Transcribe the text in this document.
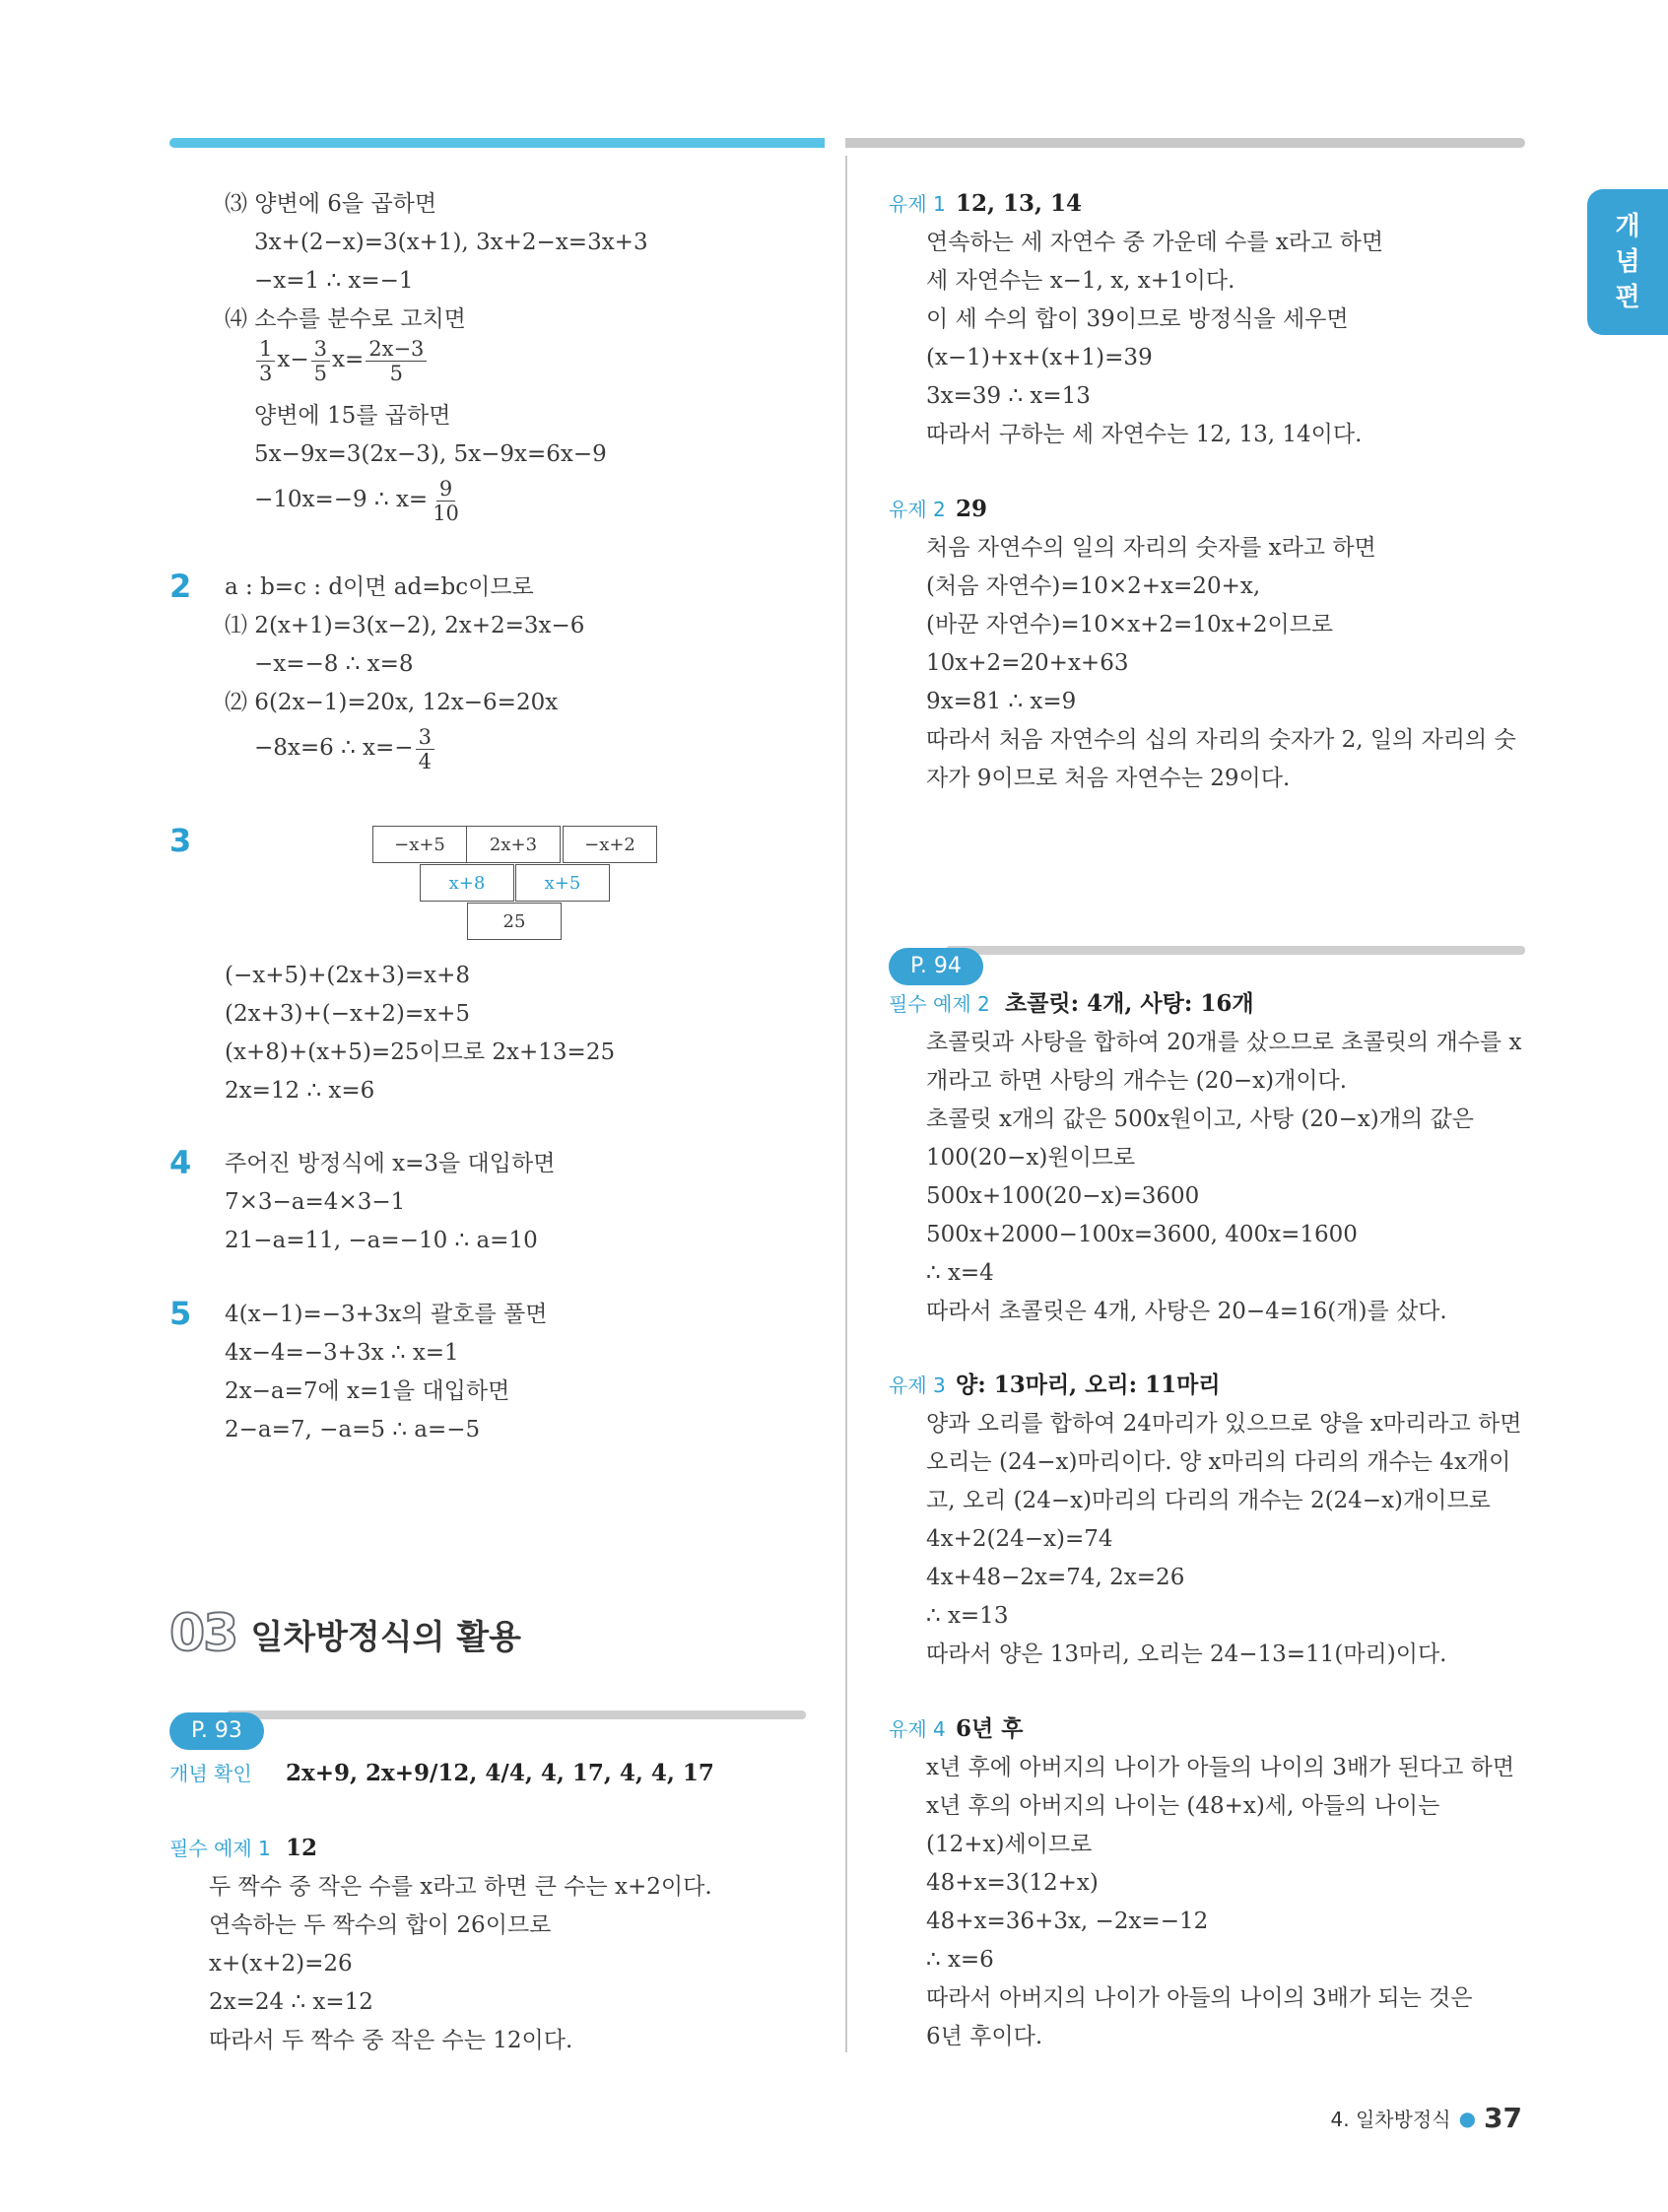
개
념
편
⑶ 양변에 6을 곱하면
3x+(2−x)=3(x+1), 3x+2−x=3x+3
−x=1 ∴ x=−1
⑷ 소수를 분수로 고치면
$\frac{1}{3} x- \frac{3}{5} x= \frac{2x-3}{5}$
양변에 15를 곱하면
5x−9x=3(2x−3), 5x−9x=6x−9
−10x=−9 ∴ $x= \frac{9}{10}$
2 a : b=c : d이면 ad=bc이므로
⑴ 2(x+1)=3(x−2), 2x+2=3x−6
−x=−8 ∴ x=8
⑵ 6(2x−1)=20x, 12x−6=20x
−8x=6 ∴ $x=- \frac{3}{4}$
3	−x+5	2x+3	−x+2
x+8	x+5
25
(−x+5)+(2x+3)=x+8
(2x+3)+(−x+2)=x+5
(x+8)+(x+5)=25이므로 2x+13=25
2x=12 ∴ x=6
4 주어진 방정식에 x=3을 대입하면
7×3−a=4×3−1
21−a=11, −a=−10 ∴ a=10
5 4(x−1)=−3+3x의 괄호를 풀면
4x−4=−3+3x ∴ x=1
2x−a=7에 x=1을 대입하면
2−a=7, −a=5 ∴ a=−5
03 일차방정식의 활용
P. 93
개념 확인 2x+9, 2x+9/12, 4/4, 4, 17, 4, 4, 17
필수 예제 1 12
두 짝수 중 작은 수를 x라고 하면 큰 수는 x+2이다.
연속하는 두 짝수의 합이 26이므로
x+(x+2)=26
2x=24 ∴ x=12
따라서 두 짝수 중 작은 수는 12이다.
유제 1 12, 13, 14
연속하는 세 자연수 중 가운데 수를 x라고 하면
세 자연수는 x−1, x, x+1이다.
이 세 수의 합이 39이므로 방정식을 세우면
(x−1)+x+(x+1)=39
3x=39 ∴ x=13
따라서 구하는 세 자연수는 12, 13, 14이다.
유제 2 29
처음 자연수의 일의 자리의 숫자를 x라고 하면
(처음 자연수)=10×2+x=20+x,
(바꾼 자연수)=10×x+2=10x+2이므로
10x+2=20+x+63
9x=81 ∴ x=9
따라서 처음 자연수의 십의 자리의 숫자가 2, 일의 자리의 숫
자가 9이므로 처음 자연수는 29이다.
P. 94
필수 예제 2 초콜릿: 4개, 사탕: 16개
초콜릿과 사탕을 합하여 20개를 샀으므로 초콜릿의 개수를 x
개라고 하면 사탕의 개수는 (20−x)개이다.
초콜릿 x개의 값은 500x원이고, 사탕 (20−x)개의 값은
100(20−x)원이므로
500x+100(20−x)=3600
500x+2000−100x=3600, 400x=1600
∴ x=4
따라서 초콜릿은 4개, 사탕은 20−4=16(개)를 샀다.
유제 3 양: 13마리, 오리: 11마리
양과 오리를 합하여 24마리가 있으므로 양을 x마리라고 하면
오리는 (24−x)마리이다. 양 x마리의 다리의 개수는 4x개이
고, 오리 (24−x)마리의 다리의 개수는 2(24−x)개이므로
4x+2(24−x)=74
4x+48−2x=74, 2x=26
∴ x=13
따라서 양은 13마리, 오리는 24−13=11(마리)이다.
유제 4 6년 후
x년 후에 아버지의 나이가 아들의 나이의 3배가 된다고 하면
x년 후의 아버지의 나이는 (48+x)세, 아들의 나이는
(12+x)세이므로
48+x=3(12+x)
48+x=36+3x, −2x=−12
∴ x=6
따라서 아버지의 나이가 아들의 나이의 3배가 되는 것은
6년 후이다.
4. 일차방정식 ● 37
